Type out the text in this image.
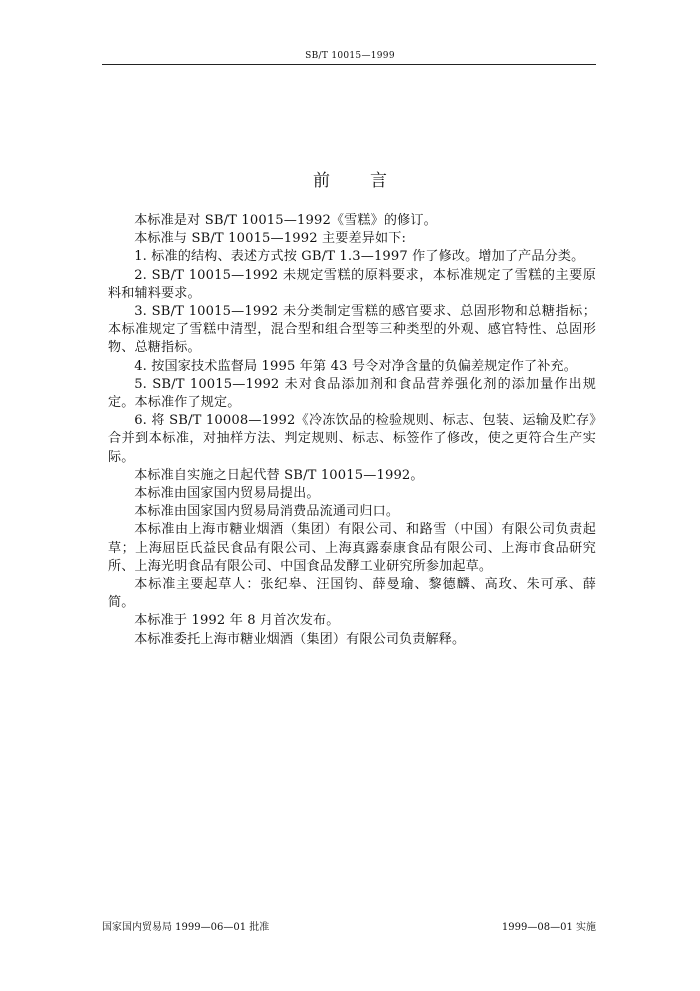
SB/T 10015—1999
前 言

本标准是对 SB/T 10015—1992《雪糕》的修订。

本标准与 SB/T 10015—1992 主要差异如下:

1. 标准的结构、表述方式按 GB/T 1.3—1997 作了修改。增加了产品分类。

2. SB/T 10015—1992 未规定雪糕的原料要求，本标准规定了雪糕的主要原料和辅料要求。

3. SB/T 10015—1992 未分类制定雪糕的感官要求、总固形物和总糖指标；本标准规定了雪糕中清型，混合型和组合型等三种类型的外观、感官特性、总固形物、总糖指标。

4. 按国家技术监督局 1995 年第 43 号令对净含量的负偏差规定作了补充。

5. SB/T 10015—1992 未对食品添加剂和食品营养强化剂的添加量作出规定。本标准作了规定。

6. 将 SB/T 10008—1992《冷冻饮品的检验规则、标志、包装、运输及贮存》合并到本标准，对抽样方法、判定规则、标志、标签作了修改，使之更符合生产实际。

本标准自实施之日起代替 SB/T 10015—1992。

本标准由国家国内贸易局提出。

本标准由国家国内贸易局消费品流通司归口。

本标准由上海市糖业烟酒（集团）有限公司、和路雪（中国）有限公司负责起草；上海屈臣氏益民食品有限公司、上海真露泰康食品有限公司、上海市食品研究所、上海光明食品有限公司、中国食品发酵工业研究所参加起草。

本标准主要起草人：张纪皋、汪国钧、薛曼瑜、黎德麟、高玫、朱可承、薛简。

本标准于 1992 年 8 月首次发布。

本标准委托上海市糖业烟酒（集团）有限公司负责解释。

国家国内贸易局 1999—06—01 批准	1999—08—01 实施
